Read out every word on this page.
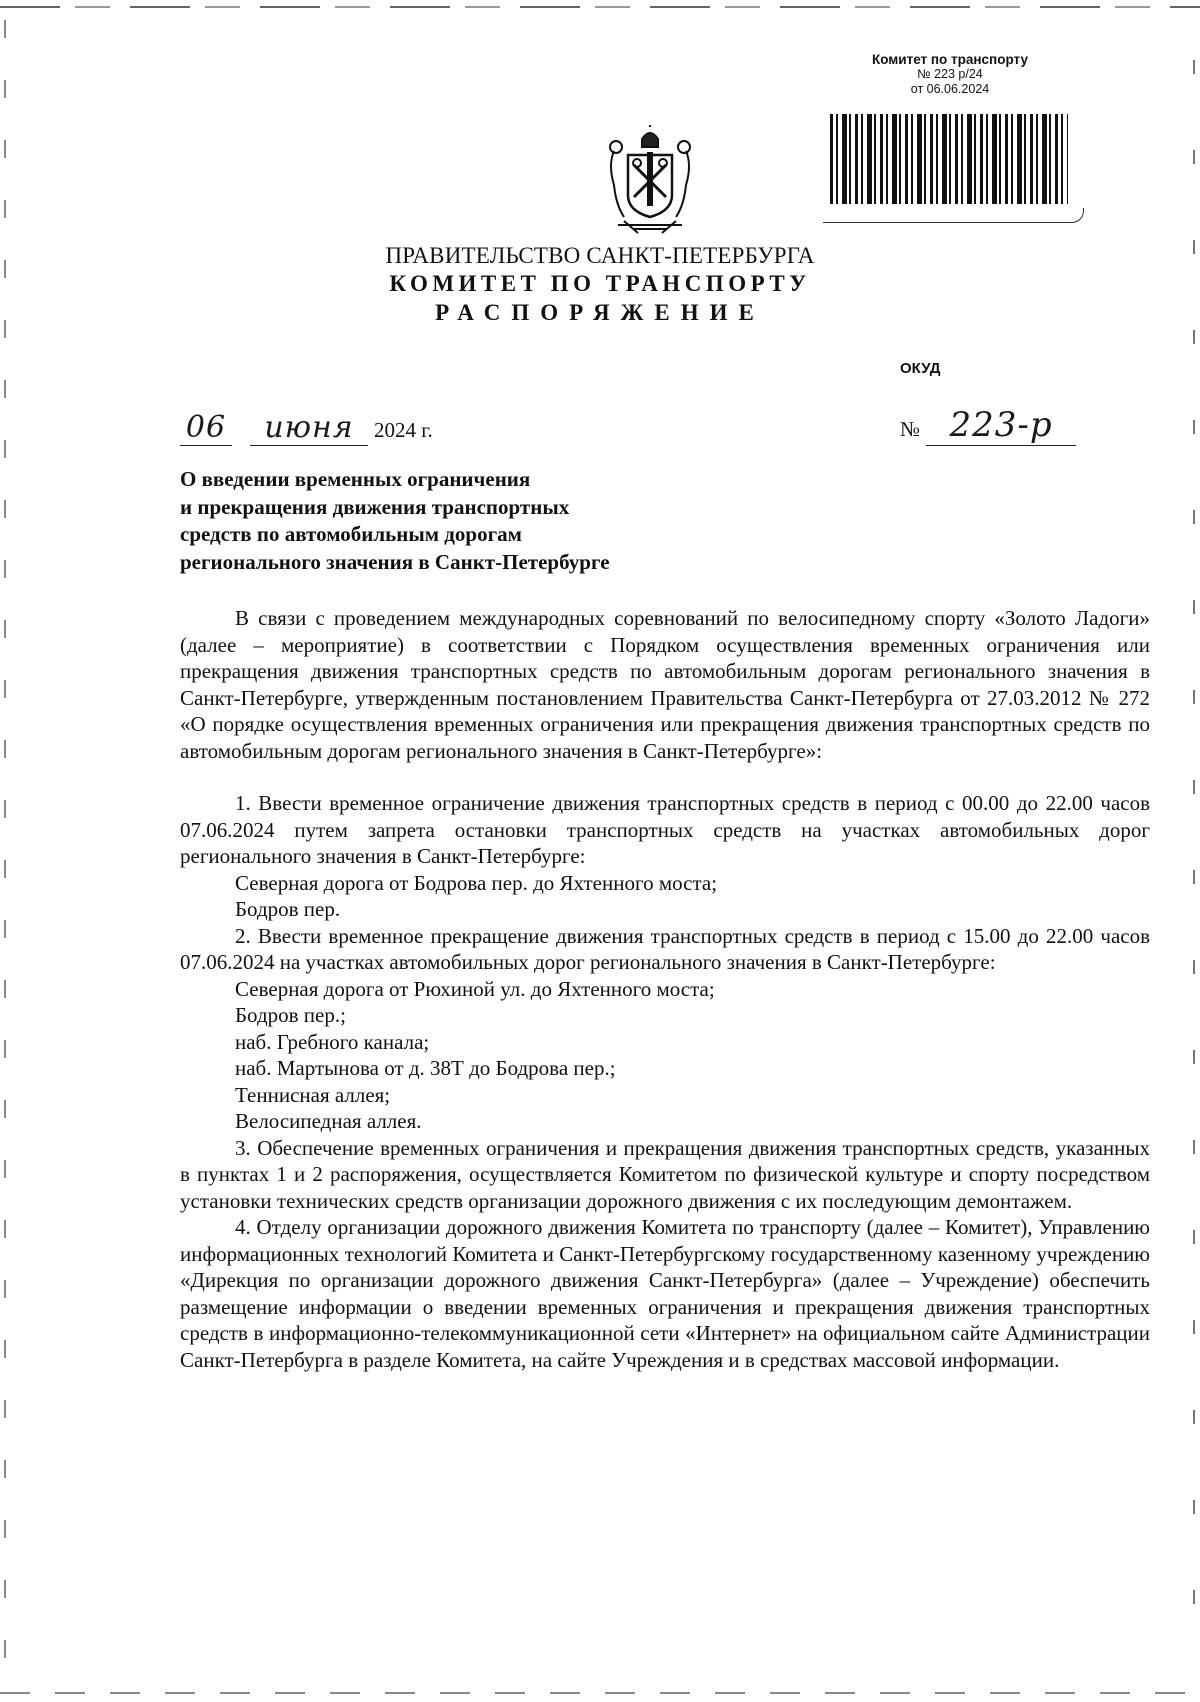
Комитет по транспорту
№ 223 р/24
от 06.06.2024
ПРАВИТЕЛЬСТВО САНКТ-ПЕТЕРБУРГА
КОМИТЕТ ПО ТРАНСПОРТУ
РАСПОРЯЖЕНИЕ
ОКУД
06 июня 2024 г.	№ 223-р
О введении временных ограничения
и прекращения движения транспортных
средств по автомобильным дорогам
регионального значения в Санкт-Петербурге

В связи с проведением международных соревнований по велосипедному спорту «Золото Ладоги» (далее – мероприятие) в соответствии с Порядком осуществления временных ограничения или прекращения движения транспортных средств по автомобильным дорогам регионального значения в Санкт-Петербурге, утвержденным постановлением Правительства Санкт-Петербурга от 27.03.2012 № 272 «О порядке осуществления временных ограничения или прекращения движения транспортных средств по автомобильным дорогам регионального значения в Санкт-Петербурге»:

1. Ввести временное ограничение движения транспортных средств в период с 00.00 до 22.00 часов 07.06.2024 путем запрета остановки транспортных средств на участках автомобильных дорог регионального значения в Санкт-Петербурге:

Северная дорога от Бодрова пер. до Яхтенного моста;

Бодров пер.

2. Ввести временное прекращение движения транспортных средств в период с 15.00 до 22.00 часов 07.06.2024 на участках автомобильных дорог регионального значения в Санкт-Петербурге:

Северная дорога от Рюхиной ул. до Яхтенного моста;

Бодров пер.;

наб. Гребного канала;

наб. Мартынова от д. 38Т до Бодрова пер.;

Теннисная аллея;

Велосипедная аллея.

3. Обеспечение временных ограничения и прекращения движения транспортных средств, указанных в пунктах 1 и 2 распоряжения, осуществляется Комитетом по физической культуре и спорту посредством установки технических средств организации дорожного движения с их последующим демонтажем.

4. Отделу организации дорожного движения Комитета по транспорту (далее – Комитет), Управлению информационных технологий Комитета и Санкт-Петербургскому государственному казенному учреждению «Дирекция по организации дорожного движения Санкт-Петербурга» (далее – Учреждение) обеспечить размещение информации о введении временных ограничения и прекращения движения транспортных средств в информационно-телекоммуникационной сети «Интернет» на официальном сайте Администрации Санкт-Петербурга в разделе Комитета, на сайте Учреждения и в средствах массовой информации.
